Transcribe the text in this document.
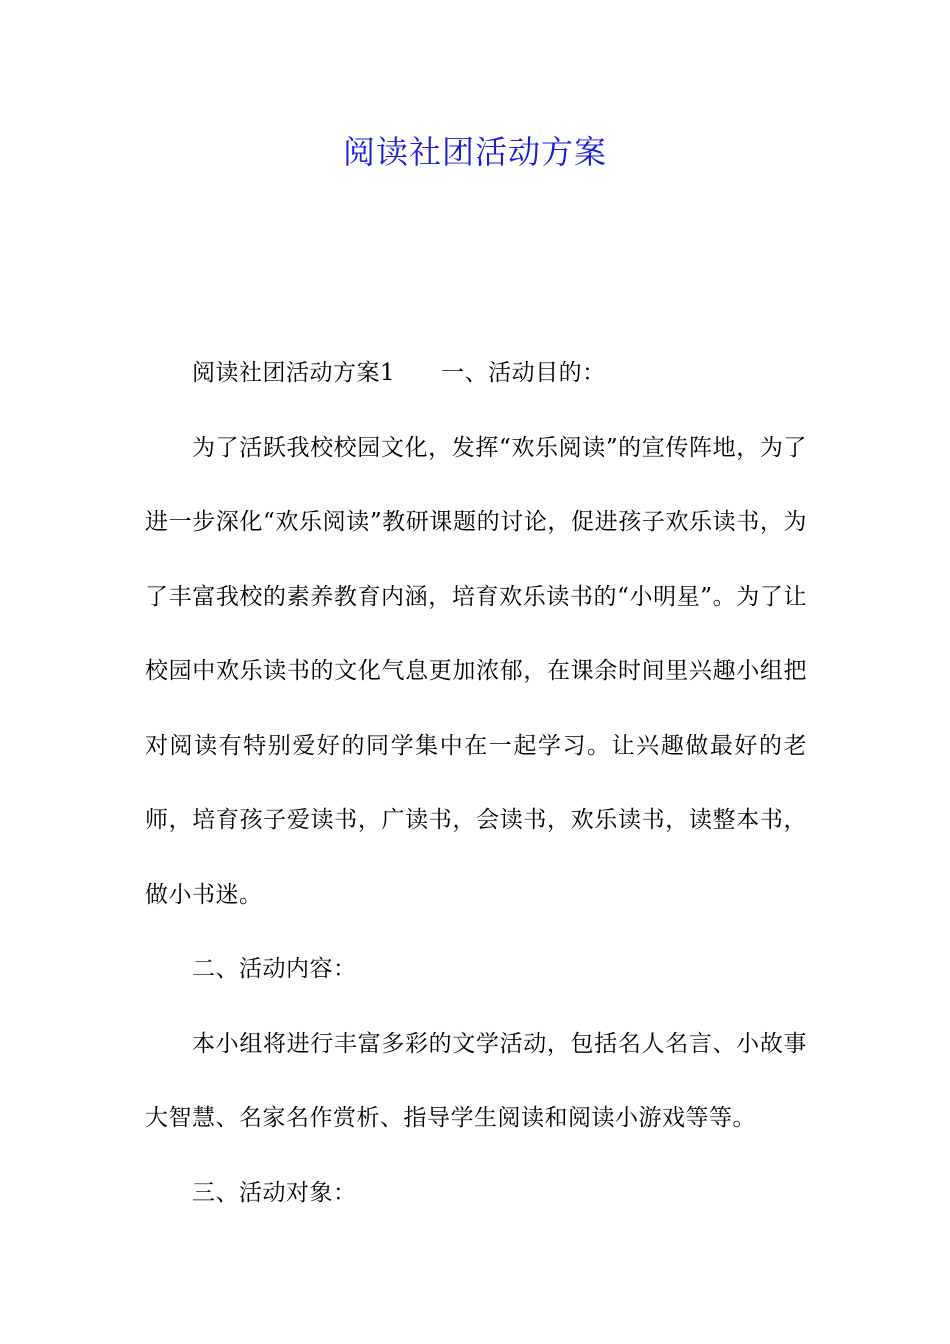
阅读社团活动方案

阅读社团活动方案1 一、活动目的：

为了活跃我校校园文化，发挥“欢乐阅读”的宣传阵地，为了进一步深化“欢乐阅读”教研课题的讨论，促进孩子欢乐读书，为了丰富我校的素养教育内涵，培育欢乐读书的“小明星”。为了让校园中欢乐读书的文化气息更加浓郁，在课余时间里兴趣小组把对阅读有特别爱好的同学集中在一起学习。让兴趣做最好的老师，培育孩子爱读书，广读书，会读书，欢乐读书，读整本书，做小书迷。

二、活动内容：

本小组将进行丰富多彩的文学活动，包括名人名言、小故事大智慧、名家名作赏析、指导学生阅读和阅读小游戏等等。

三、活动对象：
